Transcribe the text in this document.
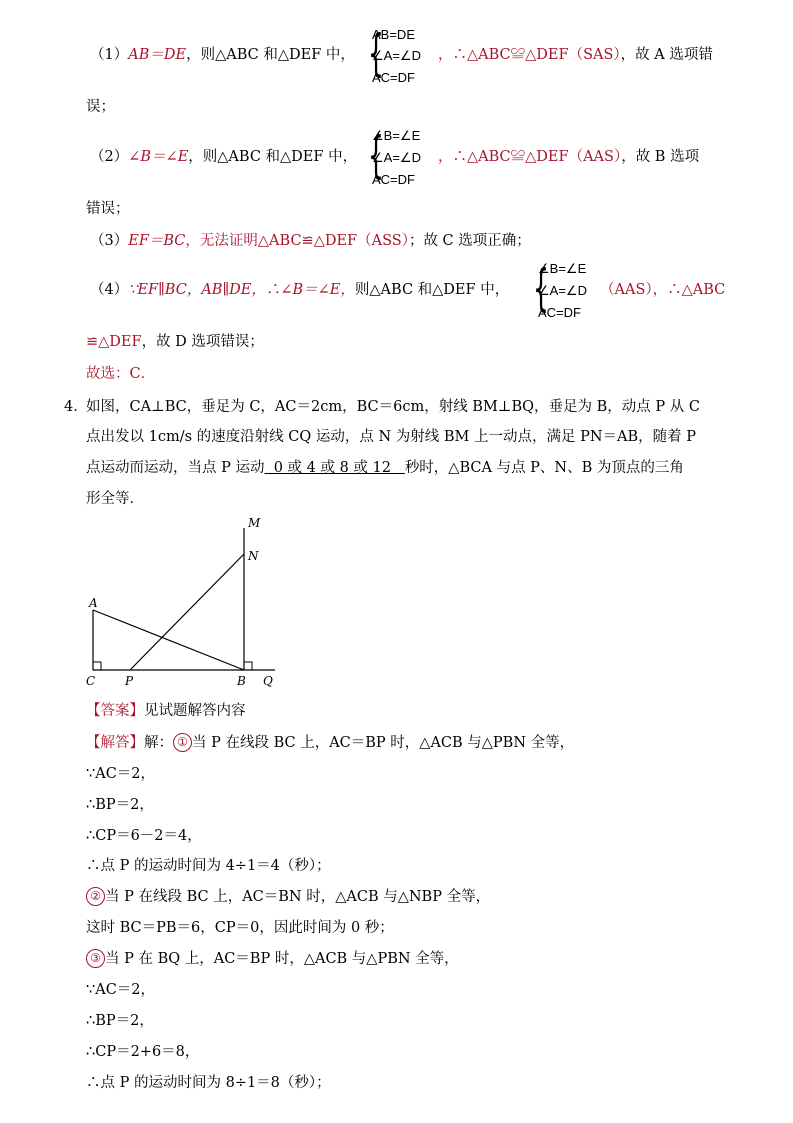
（1）AB＝DE，则△ABC 和△DEF 中， {
AB=DE
∠A=∠D
AC=DF
，∴△ABC≌△DEF（SAS），故 A 选项错
误；
（2）∠B＝∠E，则△ABC 和△DEF 中， {
∠B=∠E
∠A=∠D
AC=DF
，∴△ABC≌△DEF（AAS），故 B 选项
错误；
（3）EF＝BC，无法证明△ABC≌△DEF（ASS）；故 C 选项正确；
（4）∵EF∥BC，AB∥DE，∴∠B＝∠E，则△ABC 和△DEF 中， {
∠B=∠E
∠A=∠D
AC=DF
（AAS），∴△ABC
≌△DEF，故 D 选项错误；
故选：C．
4．
如图，CA⊥BC，垂足为 C，AC＝2cm，BC＝6cm，射线 BM⊥BQ，垂足为 B，动点 P 从 C
点出发以 1cm/s 的速度沿射线 CQ 运动，点 N 为射线 BM 上一动点，满足 PN＝AB，随着 P
点运动而运动，当点 P 运动  0 或 4 或 8 或 12   秒时，△BCA 与点 P、N、B 为顶点的三角
形全等．
M
N
A
C P	B Q
【答案】见试题解答内容
【解答】解： ① 当 P 在线段 BC 上，AC＝BP 时，△ACB 与△PBN 全等，
∵AC＝2，
∴BP＝2，
∴CP＝6－2＝4，
∴点 P 的运动时间为 4÷1＝4（秒）；
② 当 P 在线段 BC 上，AC＝BN 时，△ACB 与△NBP 全等，
这时 BC＝PB＝6，CP＝0，因此时间为 0 秒；
③ 当 P 在 BQ 上，AC＝BP 时，△ACB 与△PBN 全等，
∵AC＝2，
∴BP＝2，
∴CP＝2+6＝8，
∴点 P 的运动时间为 8÷1＝8（秒）；
